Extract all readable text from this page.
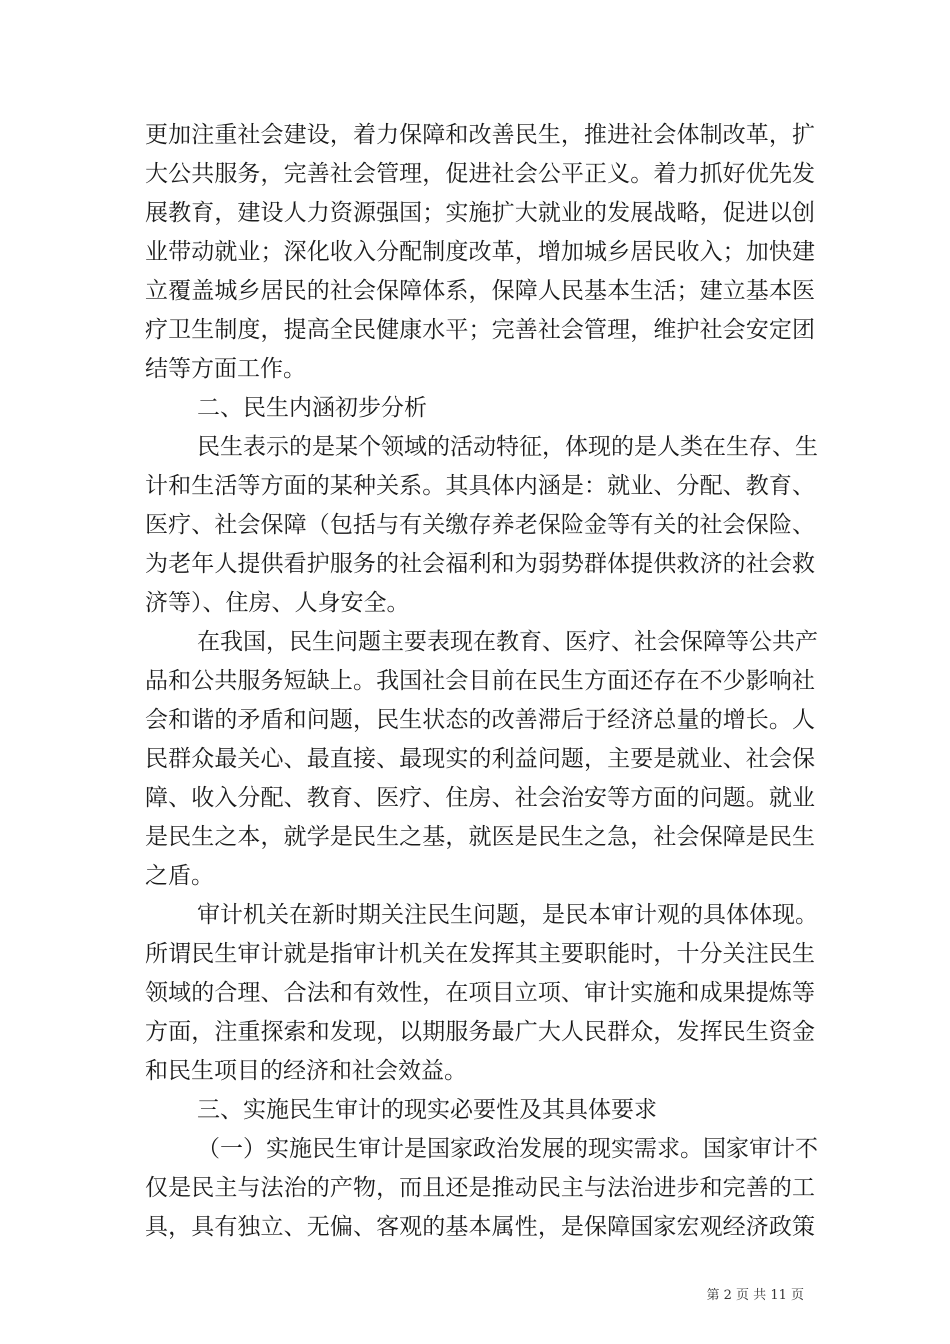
更加注重社会建设，着力保障和改善民生，推进社会体制改革，扩
大公共服务，完善社会管理，促进社会公平正义。着力抓好优先发
展教育，建设人力资源强国；实施扩大就业的发展战略，促进以创
业带动就业；深化收入分配制度改革，增加城乡居民收入；加快建
立覆盖城乡居民的社会保障体系，保障人民基本生活；建立基本医
疗卫生制度，提高全民健康水平；完善社会管理，维护社会安定团
结等方面工作。
二、民生内涵初步分析
民生表示的是某个领域的活动特征，体现的是人类在生存、生
计和生活等方面的某种关系。其具体内涵是：就业、分配、教育、
医疗、社会保障（包括与有关缴存养老保险金等有关的社会保险、
为老年人提供看护服务的社会福利和为弱势群体提供救济的社会救
济等）、住房、人身安全。
在我国，民生问题主要表现在教育、医疗、社会保障等公共产
品和公共服务短缺上。我国社会目前在民生方面还存在不少影响社
会和谐的矛盾和问题，民生状态的改善滞后于经济总量的增长。人
民群众最关心、最直接、最现实的利益问题，主要是就业、社会保
障、收入分配、教育、医疗、住房、社会治安等方面的问题。就业
是民生之本，就学是民生之基，就医是民生之急，社会保障是民生
之盾。
审计机关在新时期关注民生问题，是民本审计观的具体体现。
所谓民生审计就是指审计机关在发挥其主要职能时，十分关注民生
领域的合理、合法和有效性，在项目立项、审计实施和成果提炼等
方面，注重探索和发现，以期服务最广大人民群众，发挥民生资金
和民生项目的经济和社会效益。
三、实施民生审计的现实必要性及其具体要求
（一）实施民生审计是国家政治发展的现实需求。国家审计不
仅是民主与法治的产物，而且还是推动民主与法治进步和完善的工
具，具有独立、无偏、客观的基本属性，是保障国家宏观经济政策
第 2 页 共 11 页
